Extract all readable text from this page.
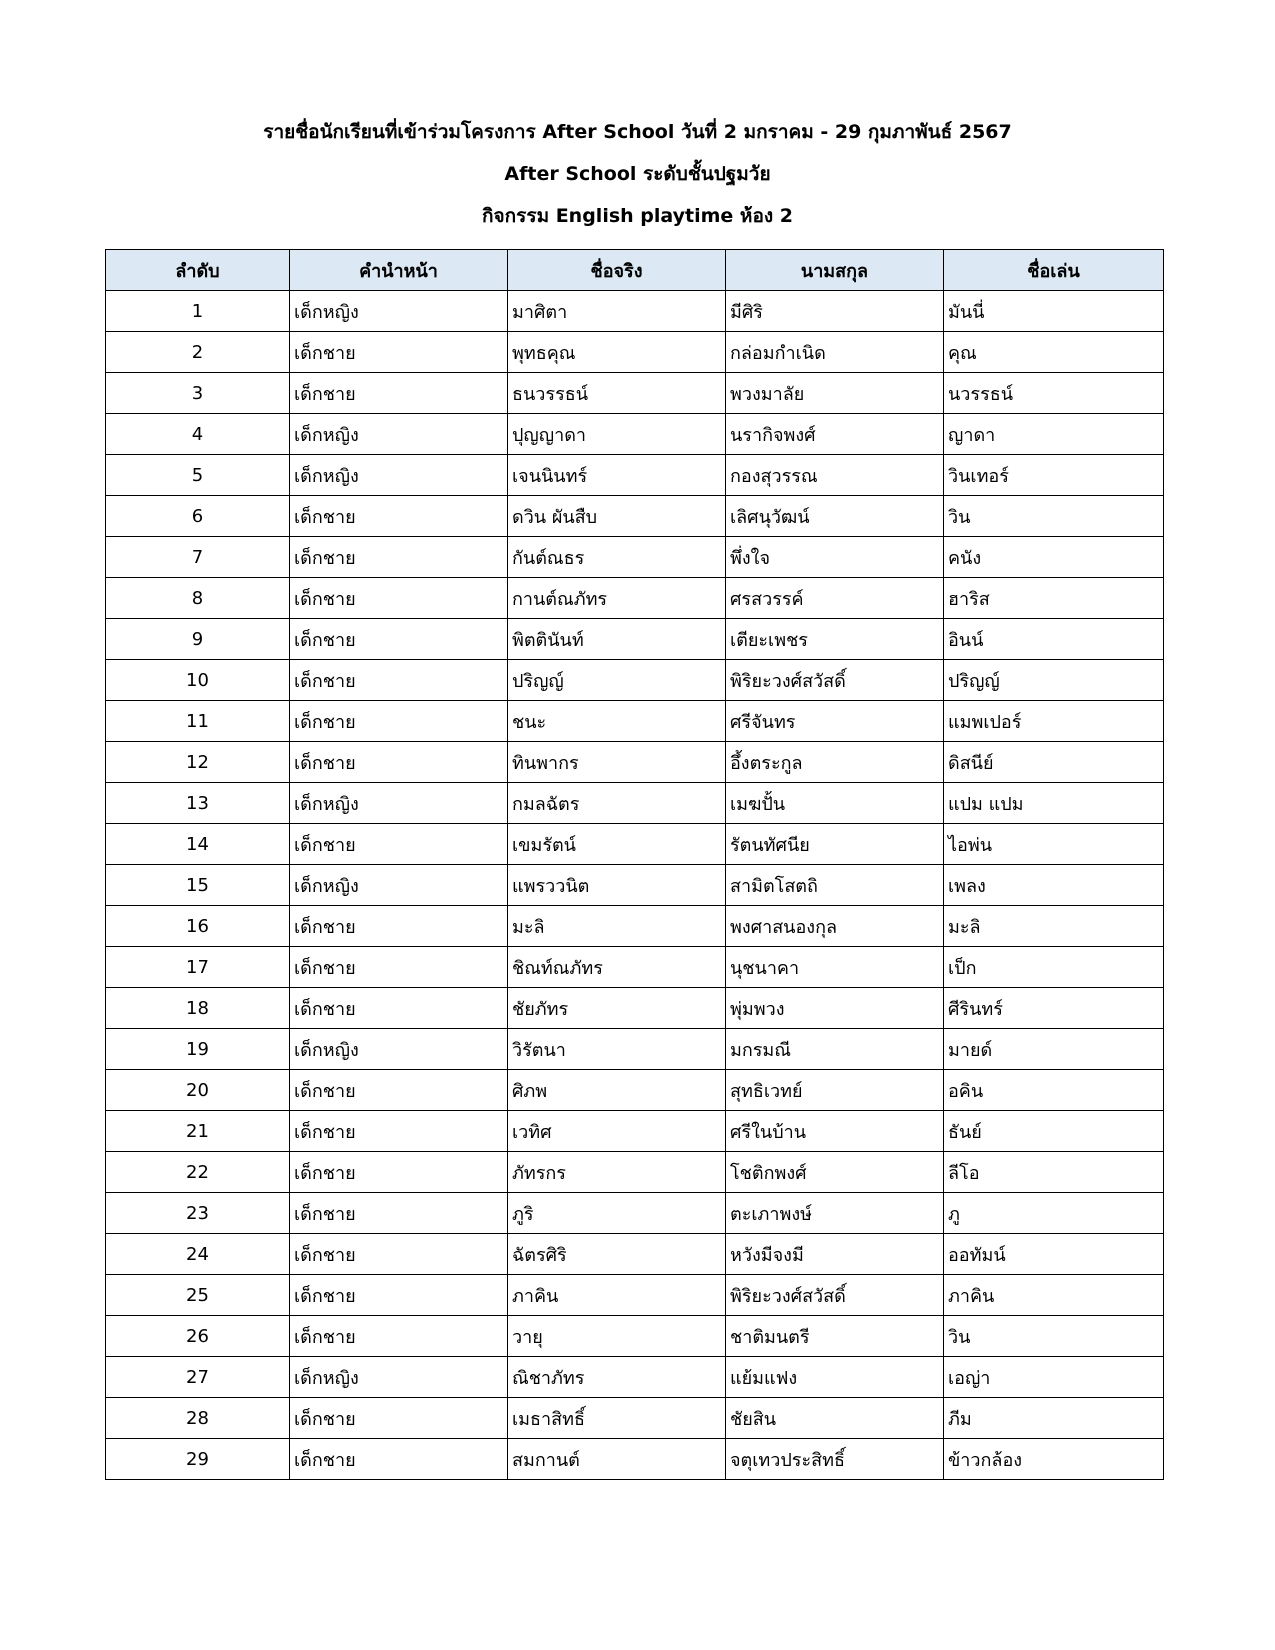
รายชื่อนักเรียนที่เข้าร่วมโครงการ After School วันที่ 2 มกราคม - 29 กุมภาพันธ์ 2567
After School ระดับชั้นปฐมวัย
กิจกรรม English playtime ห้อง 2
ลำดับ	คำนำหน้า	ชื่อจริง	นามสกุล	ชื่อเล่น
1	เด็กหญิง	มาศิตา	มีศิริ	มันนี่
2	เด็กชาย	พุทธคุณ	กล่อมกำเนิด	คุณ
3	เด็กชาย	ธนวรรธน์	พวงมาลัย	นวรรธน์
4	เด็กหญิง	ปุญญาดา	นรากิจพงศ์	ญาดา
5	เด็กหญิง	เจนนินทร์	กองสุวรรณ	วินเทอร์
6	เด็กชาย	ดวิน ผันสืบ	เลิศนุวัฒน์	วิน
7	เด็กชาย	กันต์ณธร	พึ่งใจ	คนัง
8	เด็กชาย	กานต์ณภัทร	ศรสวรรค์	ฮาริส
9	เด็กชาย	พิตตินันท์	เตียะเพชร	อินน์
10	เด็กชาย	ปริญญ์	พิริยะวงศ์สวัสดิ์	ปริญญ์
11	เด็กชาย	ชนะ	ศรีจันทร	แมพเปอร์
12	เด็กชาย	ทินพากร	อึ้งตระกูล	ดิสนีย์
13	เด็กหญิง	กมลฉัตร	เมฆปั้น	แปม แปม
14	เด็กชาย	เขมรัตน์	รัตนทัศนีย	ไอพ่น
15	เด็กหญิง	แพรววนิต	สามิตโสตถิ	เพลง
16	เด็กชาย	มะลิ	พงศาสนองกุล	มะลิ
17	เด็กชาย	ชิณท์ณภัทร	นุชนาคา	เป็ก
18	เด็กชาย	ชัยภัทร	พุ่มพวง	ศีรินทร์
19	เด็กหญิง	วิรัตนา	มกรมณี	มายด์
20	เด็กชาย	ศิภพ	สุทธิเวทย์	อคิน
21	เด็กชาย	เวทิศ	ศรีในบ้าน	ธันย์
22	เด็กชาย	ภัทรกร	โชติกพงศ์	ลีโอ
23	เด็กชาย	ภูริ	ตะเภาพงษ์	ภู
24	เด็กชาย	ฉัตรศิริ	หวังมีจงมี	ออทัมน์
25	เด็กชาย	ภาคิน	พิริยะวงศ์สวัสดิ์	ภาคิน
26	เด็กชาย	วายุ	ชาติมนตรี	วิน
27	เด็กหญิง	ณิชาภัทร	แย้มแฟง	เอญ่า
28	เด็กชาย	เมธาสิทธิ์	ชัยสิน	ภีม
29	เด็กชาย	สมกานต์	จตุเทวประสิทธิ์	ข้าวกล้อง
